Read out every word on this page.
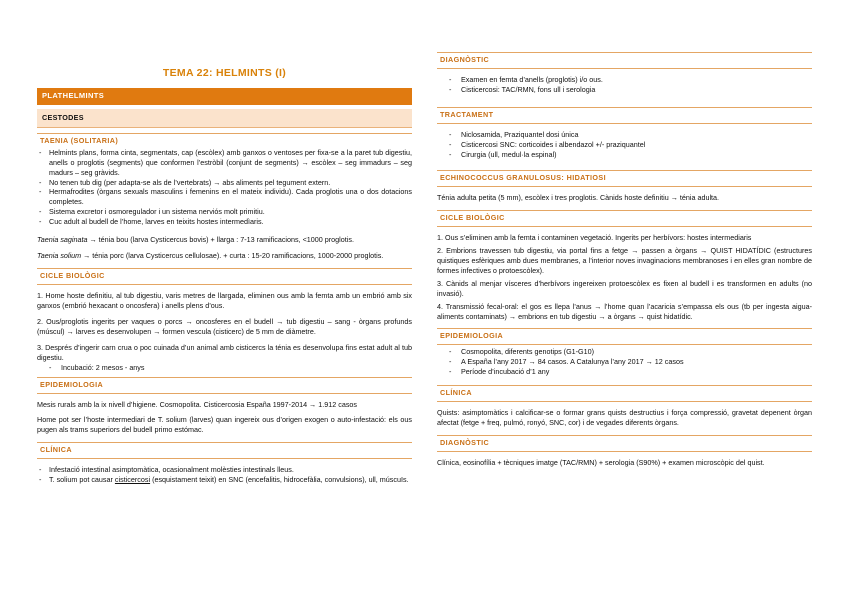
TEMA 22: HELMINTS (I)
PLATHELMINTS
CESTODES
TAENIA (SOLITARIA)
- Helmints plans, forma cinta, segmentats, cap (escòlex) amb ganxos o ventoses per fixa-se a la paret tub digestiu, anells o proglotis (segments) que conformen l’estròbil (conjunt de segments) → escòlex – seg immadurs – seg madurs – seg gràvids.
- No tenen tub dig (per adapta-se als de l’vertebrats) → abs aliments pel tegument extern.
- Hermafrodites (òrgans sexuals masculins i femenins en el mateix individu). Cada proglotis una o dos dotacions completes.
- Sistema excretor i osmoregulador i un sistema nerviós molt primitiu.
- Cuc adult al budell de l’home, larves en teixits hostes intermedìaris.

Taenia saginata → ténia bou (larva Cysticercus bovis) + llarga : 7-13 ramificacions, <1000 proglotis.

Taenia solium → ténia porc (larva Cysticercus cellulosae). + curta : 15-20 ramificacions, 1000-2000 proglotis.

CICLE BIOLÒGIC

1. Home hoste definitiu, al tub digestiu, varis metres de llargada, eliminen ous amb la femta amb un embrió amb six ganxos (embrió hexacant o oncosfera) i anells plens d’ous.

2. Ous/proglotis ingerits per vaques o porcs → oncosferes en el budell → tub digestiu – sang - òrgans profunds (múscul) → larves es desenvolupen → formen vescula (cisticerc) de 5 mm de diàmetre.

3. Després d’ingerir carn crua o poc cuinada d’un animal amb cisticercs la ténia es desenvolupa fins estat adult al tub digestiu.

- Incubació: 2 mesos - anys
EPIDEMIOLOGIA

Mesis rurals amb la ix nivell d’higiene. Cosmopolita. Cisticercosia España 1997-2014 → 1.912 casos

Home pot ser l’hoste intermediari de T. solium (larves) quan ingereix ous d’origen exogen o auto-infestació: els ous pugen als trams superiors del budell primo estómac.

CLÍNICA
- Infestació intestinal asimptomàtica, ocasionalment molèsties intestinals lleus.
- T. solium pot causar cisticercosi (esquistament teixit) en SNC (encefalitis, hidrocefàlia, convulsions), ull, múscuIs.
DIAGNÒSTIC
- Examen en femta d’anells (proglotis) i/o ous.
- Cisticercosi: TAC/RMN, fons ull i serologia
TRACTAMENT
- Niclosamida, Praziquantel dosi única
- Cisticercosi SNC: corticoides i albendazol +/- praziquantel
- Cirurgia (ull, medul·la espinal)
ECHINOCOCCUS GRANULOSUS: HIDATIOSI

Ténia adulta petita (5 mm), escòlex i tres proglotis. Cànids hoste definitiu → ténia adulta.

CICLE BIOLÒGIC

1. Ous s’eliminen amb la femta i contaminen vegetació. Ingerits per herbívors: hostes intermediaris

2. Embrions travessen tub digestiu, via portal fins a fetge → passen a òrgans → QUIST HIDATÍDIC (estructures quistiques esfèriques amb dues membranes, a l’interior noves invaginacions membranoses i en elles gran nombre de formes infectives o protoescòlex).

3. Cànids al menjar vísceres d’herbívors ingereixen protoescòlex es fixen al budell i es transformen en adults (no invasió).

4. Transmissió fecal-oral: el gos es llepa l’anus → l’home quan l’acaricia s’empassa els ous (tb per ingesta aigua-aliments contaminats) → embrions en tub digestiu → a òrgans → quist hidatídic.

EPIDEMIOLOGIA
- Cosmopolita, diferents genotips (G1-G10)
- A España l’any 2017 → 84 casos. A Catalunya l’any 2017 → 12 casos
- Període d’incubació d’1 any
CLÍNICA

Quists: asimptomàtics i calcificar-se o formar grans quists destructius i força compressió, gravetat depenent òrgan afectat (fetge + freq, pulmó, ronyó, SNC, cor) i de vegades diferents òrgans.

DIAGNÒSTIC

Clínica, eosinofília + tècniques imatge (TAC/RMN) + serologia (S90%) + examen microscòpic del quist.
